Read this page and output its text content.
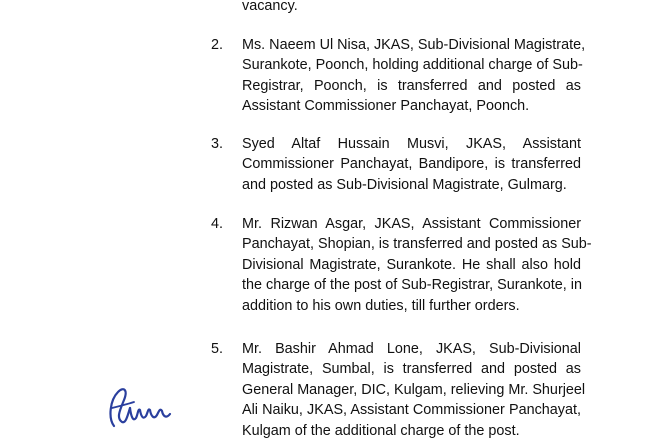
vacancy.
2. Ms. Naeem Ul Nisa, JKAS, Sub-Divisional Magistrate,
Surankote, Poonch, holding additional charge of Sub-
Registrar, Poonch, is transferred and posted as
Assistant Commissioner Panchayat, Poonch.
3. Syed Altaf Hussain Musvi, JKAS, Assistant
Commissioner Panchayat, Bandipore, is transferred
and posted as Sub-Divisional Magistrate, Gulmarg.
4. Mr. Rizwan Asgar, JKAS, Assistant Commissioner
Panchayat, Shopian, is transferred and posted as Sub-
Divisional Magistrate, Surankote. He shall also hold
the charge of the post of Sub-Registrar, Surankote, in
addition to his own duties, till further orders.
5. Mr. Bashir Ahmad Lone, JKAS, Sub-Divisional
Magistrate, Sumbal, is transferred and posted as
General Manager, DIC, Kulgam, relieving Mr. Shurjeel
Ali Naiku, JKAS, Assistant Commissioner Panchayat,
Kulgam of the additional charge of the post.
